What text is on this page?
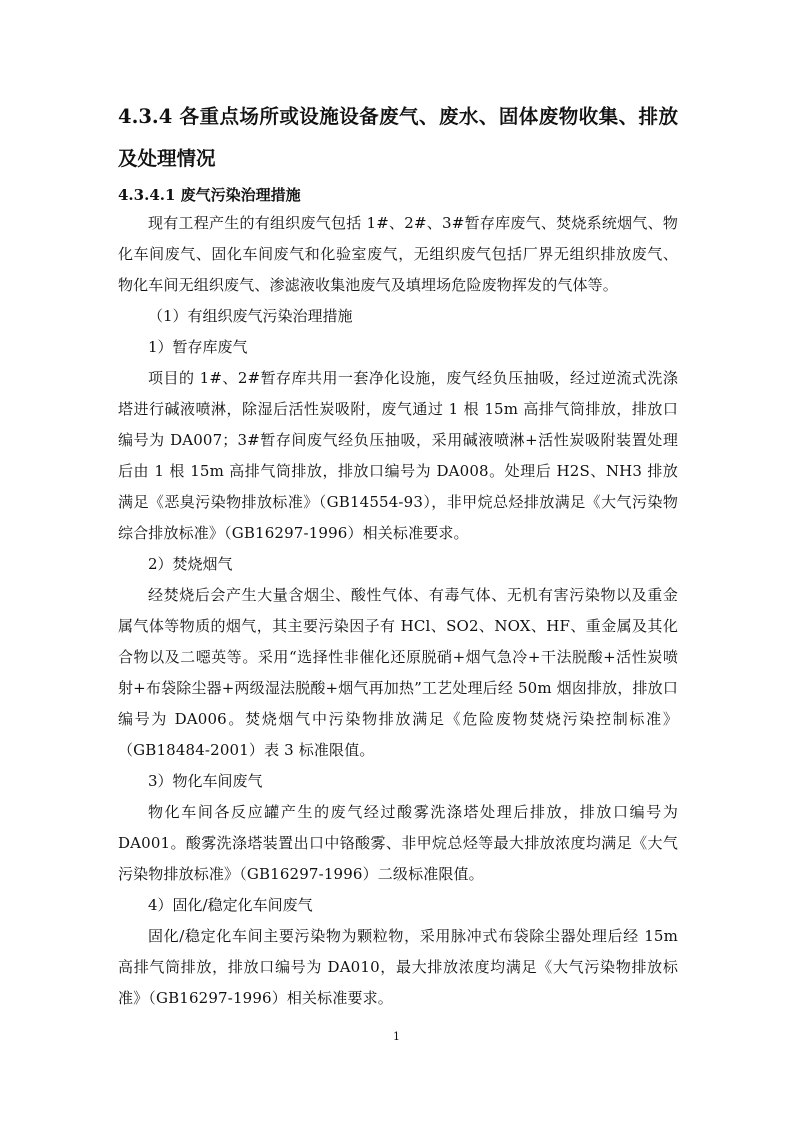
4.3.4 各重点场所或设施设备废气、废水、固体废物收集、排放及处理情况
4.3.4.1 废气污染治理措施

现有工程产生的有组织废气包括 1#、2#、3#暂存库废气、焚烧系统烟气、物化车间废气、固化车间废气和化验室废气，无组织废气包括厂界无组织排放废气、物化车间无组织废气、渗滤液收集池废气及填埋场危险废物挥发的气体等。

（1）有组织废气污染治理措施

1）暂存库废气

项目的 1#、2#暂存库共用一套净化设施，废气经负压抽吸，经过逆流式洗涤塔进行碱液喷淋，除湿后活性炭吸附，废气通过 1 根 15m 高排气筒排放，排放口编号为 DA007；3#暂存间废气经负压抽吸，采用碱液喷淋+活性炭吸附装置处理后由 1 根 15m 高排气筒排放，排放口编号为 DA008。处理后 H2S、NH3 排放满足《恶臭污染物排放标准》（GB14554-93），非甲烷总烃排放满足《大气污染物综合排放标准》（GB16297-1996）相关标准要求。

2）焚烧烟气

经焚烧后会产生大量含烟尘、酸性气体、有毒气体、无机有害污染物以及重金属气体等物质的烟气，其主要污染因子有 HCl、SO2、NOX、HF、重金属及其化合物以及二噁英等。采用“选择性非催化还原脱硝+烟气急冷+干法脱酸+活性炭喷射+布袋除尘器+两级湿法脱酸+烟气再加热”工艺处理后经 50m 烟囱排放，排放口编号为 DA006。焚烧烟气中污染物排放满足《危险废物焚烧污染控制标准》（GB18484-2001）表 3 标准限值。

3）物化车间废气

物化车间各反应罐产生的废气经过酸雾洗涤塔处理后排放，排放口编号为 DA001。酸雾洗涤塔装置出口中铬酸雾、非甲烷总烃等最大排放浓度均满足《大气污染物排放标准》（GB16297-1996）二级标准限值。

4）固化/稳定化车间废气

固化/稳定化车间主要污染物为颗粒物，采用脉冲式布袋除尘器处理后经 15m 高排气筒排放，排放口编号为 DA010，最大排放浓度均满足《大气污染物排放标准》（GB16297-1996）相关标准要求。

1
